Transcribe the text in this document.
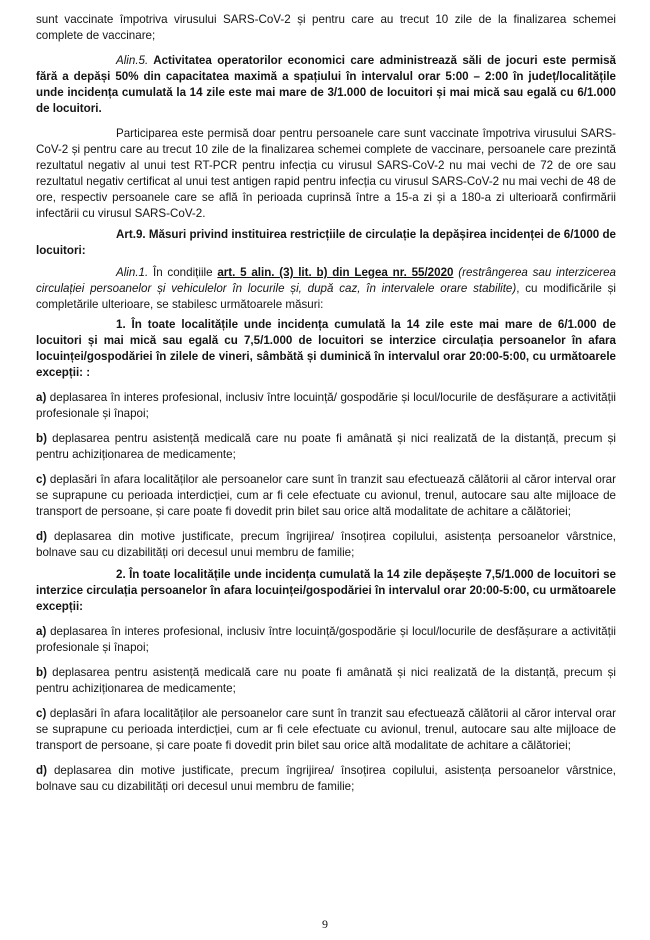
sunt vaccinate împotriva virusului SARS-CoV-2 și pentru care au trecut 10 zile de la finalizarea schemei complete de vaccinare;

Alin.5. Activitatea operatorilor economici care administrează săli de jocuri este permisă fără a depăși 50% din capacitatea maximă a spațiului în intervalul orar 5:00 – 2:00 în județ/localitățile unde incidența cumulată la 14 zile este mai mare de 3/1.000 de locuitori și mai mică sau egală cu 6/1.000 de locuitori.

Participarea este permisă doar pentru persoanele care sunt vaccinate împotriva virusului SARS-CoV-2 și pentru care au trecut 10 zile de la finalizarea schemei complete de vaccinare, persoanele care prezintă rezultatul negativ al unui test RT-PCR pentru infecția cu virusul SARS-CoV-2 nu mai vechi de 72 de ore sau rezultatul negativ certificat al unui test antigen rapid pentru infecția cu virusul SARS-CoV-2 nu mai vechi de 48 de ore, respectiv persoanele care se află în perioada cuprinsă între a 15-a zi și a 180-a zi ulterioară confirmării infectării cu virusul SARS-CoV-2.

Art.9. Măsuri privind instituirea restricțiile de circulație la depășirea incidenței de 6/1000 de locuitori:

Alin.1. În condițiile art. 5 alin. (3) lit. b) din Legea nr. 55/2020 (restrângerea sau interzicerea circulației persoanelor și vehiculelor în locurile și, după caz, în intervalele orare stabilite), cu modificările și completările ulterioare, se stabilesc următoarele măsuri:

1. În toate localitățile unde incidența cumulată la 14 zile este mai mare de 6/1.000 de locuitori și mai mică sau egală cu 7,5/1.000 de locuitori se interzice circulația persoanelor în afara locuinței/gospodăriei în zilele de vineri, sâmbătă și duminică în intervalul orar 20:00-5:00, cu următoarele excepții: :

a) deplasarea în interes profesional, inclusiv între locuință/ gospodărie și locul/locurile de desfășurare a activității profesionale și înapoi;

b) deplasarea pentru asistență medicală care nu poate fi amânată și nici realizată de la distanță, precum și pentru achiziționarea de medicamente;

c) deplasări în afara localităților ale persoanelor care sunt în tranzit sau efectuează călătorii al căror interval orar se suprapune cu perioada interdicției, cum ar fi cele efectuate cu avionul, trenul, autocare sau alte mijloace de transport de persoane, și care poate fi dovedit prin bilet sau orice altă modalitate de achitare a călătoriei;

d) deplasarea din motive justificate, precum îngrijirea/ însoțirea copilului, asistența persoanelor vârstnice, bolnave sau cu dizabilități ori decesul unui membru de familie;

2. În toate localitățile unde incidența cumulată la 14 zile depășește 7,5/1.000 de locuitori se interzice circulația persoanelor în afara locuinței/gospodăriei în intervalul orar 20:00-5:00, cu următoarele excepții:

a) deplasarea în interes profesional, inclusiv între locuință/gospodărie și locul/locurile de desfășurare a activității profesionale și înapoi;

b) deplasarea pentru asistență medicală care nu poate fi amânată și nici realizată de la distanță, precum și pentru achiziționarea de medicamente;

c) deplasări în afara localităților ale persoanelor care sunt în tranzit sau efectuează călătorii al căror interval orar se suprapune cu perioada interdicției, cum ar fi cele efectuate cu avionul, trenul, autocare sau alte mijloace de transport de persoane, și care poate fi dovedit prin bilet sau orice altă modalitate de achitare a călătoriei;

d) deplasarea din motive justificate, precum îngrijirea/ însoțirea copilului, asistența persoanelor vârstnice, bolnave sau cu dizabilități ori decesul unui membru de familie;

9
